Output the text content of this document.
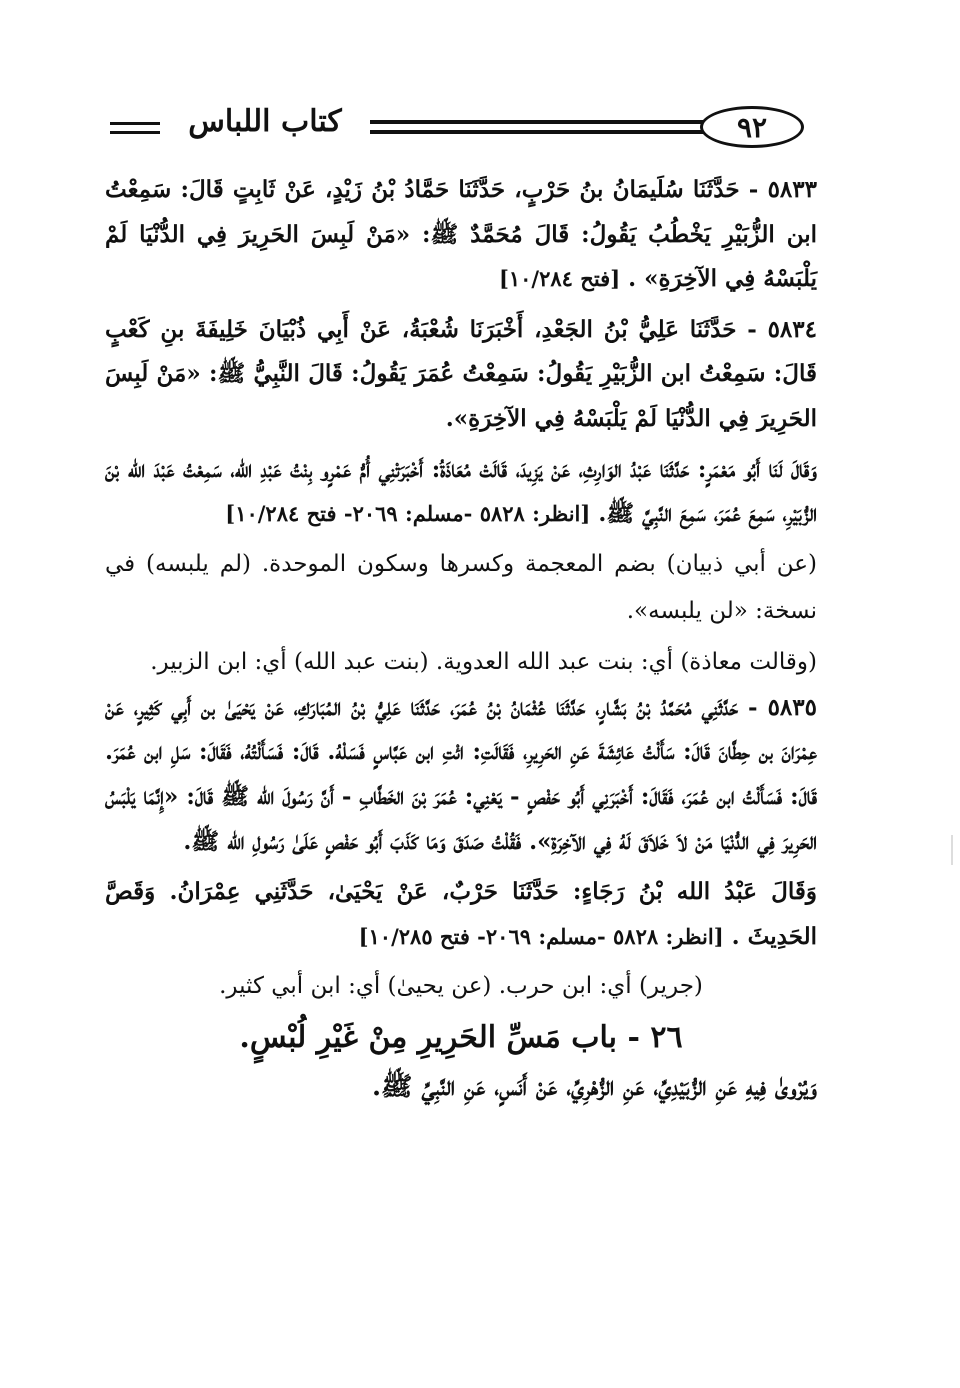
كتاب اللباس	٩٢

٥٨٣٣ - حَدَّثَنَا سُلَيمَانُ بنُ حَرْبٍ، حَدَّثَنَا حَمَّادُ بْنُ زَيْدٍ، عَنْ ثَابِتٍ قَالَ: سَمِعْتُ ابن الزُّبَيْرِ يَخْطُبُ يَقُولُ: قَالَ مُحَمَّدٌ ﷺ: «مَنْ لَبِسَ الحَرِيرَ فِي الدُّنْيَا لَمْ يَلْبَسْهُ فِي الآخِرَةِ» . [فتح ١٠/٢٨٤]

٥٨٣٤ - حَدَّثَنَا عَلِيُّ بْنُ الجَعْدِ، أَخْبَرَنَا شُعْبَةُ، عَنْ أَبِي ذُبْيَانَ خَلِيفَةَ بنِ كَعْبٍ قَالَ: سَمِعْتُ ابن الزُّبَيْرِ يَقُولُ: سَمِعْتُ عُمَرَ يَقُولُ: قَالَ النَّبِيُّ ﷺ: «مَنْ لَبِسَ الحَرِيرَ فِي الدُّنْيَا لَمْ يَلْبَسْهُ فِي الآخِرَةِ».

وَقَالَ لَنَا أَبُو مَعْمَرٍ: حَدَّثَنَا عَبْدُ الوَارِثِ، عَنْ يَزِيدَ، قَالَتْ مُعَاذَةُ: أَخْبَرَتْنِي أُمُّ عَمْرٍو بِنْتُ عَبْدِ الله، سَمِعْتُ عَبْدَ الله بْنَ الزُّبَيْرِ، سَمِعَ عُمَرَ، سَمِعَ النَّبِيَّ ﷺ. [انظر: ٥٨٢٨ -مسلم: ٢٠٦٩- فتح ١٠/٢٨٤]

(عن أبي ذبيان) بضم المعجمة وكسرها وسكون الموحدة. (لم يلبسه) في نسخة: «لن يلبسه».

(وقالت معاذة) أي: بنت عبد الله العدوية. (بنت عبد الله) أي: ابن الزبير.

٥٨٣٥ - حَدَّثَنِي مُحَمَّدُ بْنُ بَشَّارٍ، حَدَّثَنَا عُثْمَانُ بْنُ عُمَرَ، حَدَّثَنَا عَلِيُّ بْنُ المُبَارَكِ، عَنْ يَحْيَىٰ بن أَبِي كَثِيرٍ، عَنْ عِمْرَانَ بن حِطَّانَ قَالَ: سَأَلْتُ عَائِشَةَ عَنِ الحَرِيرِ، فَقَالَتِ: ائْتِ ابن عَبَّاسٍ فَسَلْهُ. قَالَ: فَسَأَلْتُهُ، فَقَالَ: سَلِ ابن عُمَرَ. قَالَ: فَسَأَلْتُ ابن عُمَرَ، فَقَالَ: أَخْبَرَنِي أَبُو حَفْصٍ - يَعْنِي: عُمَرَ بْنَ الخَطَّابِ - أَنَّ رَسُولَ الله ﷺ قَالَ: «إِنَّمَا يَلْبَسُ الحَرِيرَ فِي الدُّنْيَا مَنْ لاَ خَلاَقَ لَهُ فِي الآخِرَةِ». فَقُلْتُ صَدَقَ وَمَا كَذَبَ أَبُو حَفْصٍ عَلَىٰ رَسُولِ الله ﷺ.

وَقَالَ عَبْدُ الله بْنُ رَجَاءٍ: حَدَّثَنَا حَرْبٌ، عَنْ يَحْيَىٰ، حَدَّثَنِي عِمْرَانُ. وَقَصَّ الحَدِيثَ . [انظر: ٥٨٢٨ -مسلم: ٢٠٦٩- فتح ١٠/٢٨٥]

(جرير) أي: ابن حرب. (عن يحيىٰ) أي: ابن أبي كثير.

٢٦ - باب مَسِّ الحَرِيرِ مِنْ غَيْرِ لُبْسٍ.

وَيُرْوىٰ فِيهِ عَنِ الزُّبَيْدِيِّ، عَنِ الزُّهْرِيِّ، عَنْ أَنَسٍ، عَنِ النَّبِيِّ ﷺ.
